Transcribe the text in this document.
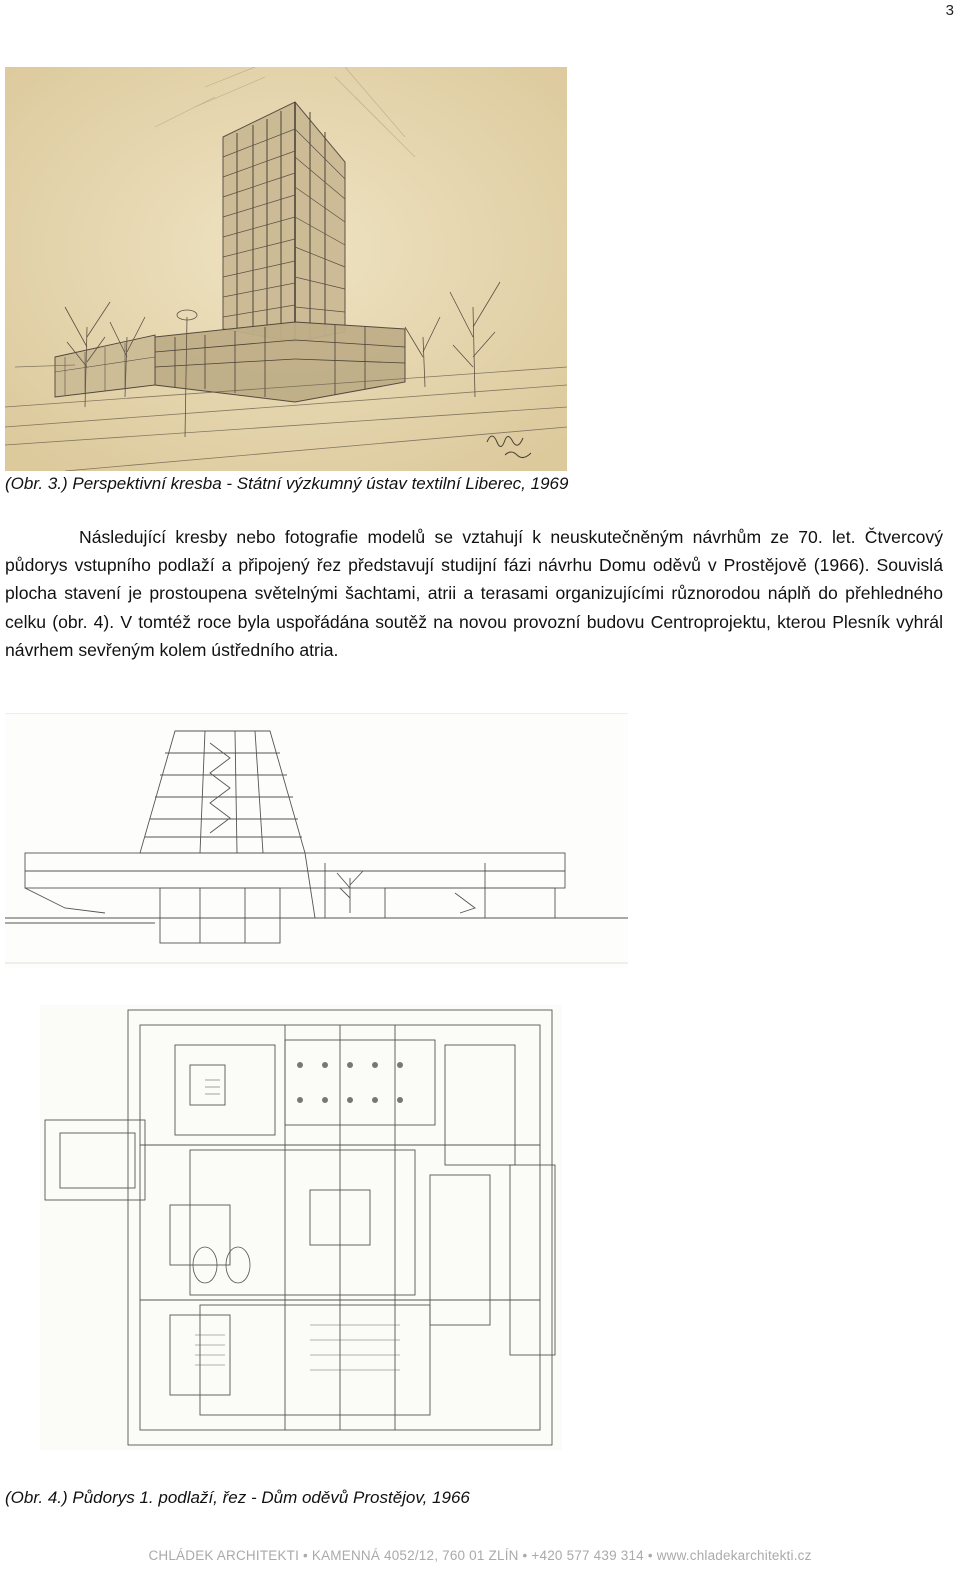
3
(Obr. 3.) Perspektivní kresba - Státní výzkumný ústav textilní Liberec, 1969

Následující kresby nebo fotografie modelů se vztahují k neuskutečněným návrhům ze 70. let. Čtvercový půdorys vstupního podlaží a připojený řez představují studijní fázi návrhu Domu oděvů v Prostějově (1966). Souvislá plocha stavení je prostoupena světelnými šachtami, atrii a terasami organizujícími různorodou náplň do přehledného celku (obr. 4). V tomtéž roce byla uspořádána soutěž na novou provozní budovu Centroprojektu, kterou Plesník vyhrál návrhem sevřeným kolem ústředního atria.

(Obr. 4.) Půdorys 1. podlaží, řez - Dům oděvů Prostějov, 1966
CHLÁDEK ARCHITEKTI • KAMENNÁ 4052/12, 760 01 ZLÍN • +420 577 439 314 • www.chladekarchitekti.cz
